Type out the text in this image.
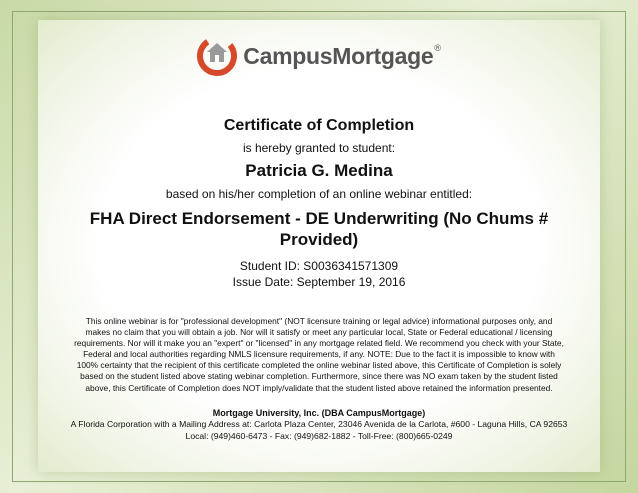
CampusMortgage®

Certificate of Completion

is hereby granted to student:

Patricia G. Medina

based on his/her completion of an online webinar entitled:

FHA Direct Endorsement - DE Underwriting (No Chums #
Provided)

Student ID: S0036341571309

Issue Date: September 19, 2016

This online webinar is for "professional development" (NOT licensure training or legal advice) informational purposes only, and
makes no claim that you will obtain a job. Nor will it satisfy or meet any particular local, State or Federal educational / licensing
requirements. Nor will it make you an "expert" or "licensed" in any mortgage related field. We recommend you check with your State,
Federal and local authorities regarding NMLS licensure requirements, if any. NOTE: Due to the fact it is impossible to know with
100% certainty that the recipient of this certificate completed the online webinar listed above, this Certificate of Completion is solely
based on the student listed above stating webinar completion. Furthermore, since there was NO exam taken by the student listed
above, this Certificate of Completion does NOT imply/validate that the student listed above retained the information presented.

Mortgage University, Inc. (DBA CampusMortgage)

A Florida Corporation with a Mailing Address at: Carlota Plaza Center, 23046 Avenida de la Carlota, #600 - Laguna Hills, CA 92653

Local: (949)460-6473 - Fax: (949)682-1882 - Toll-Free: (800)665-0249
